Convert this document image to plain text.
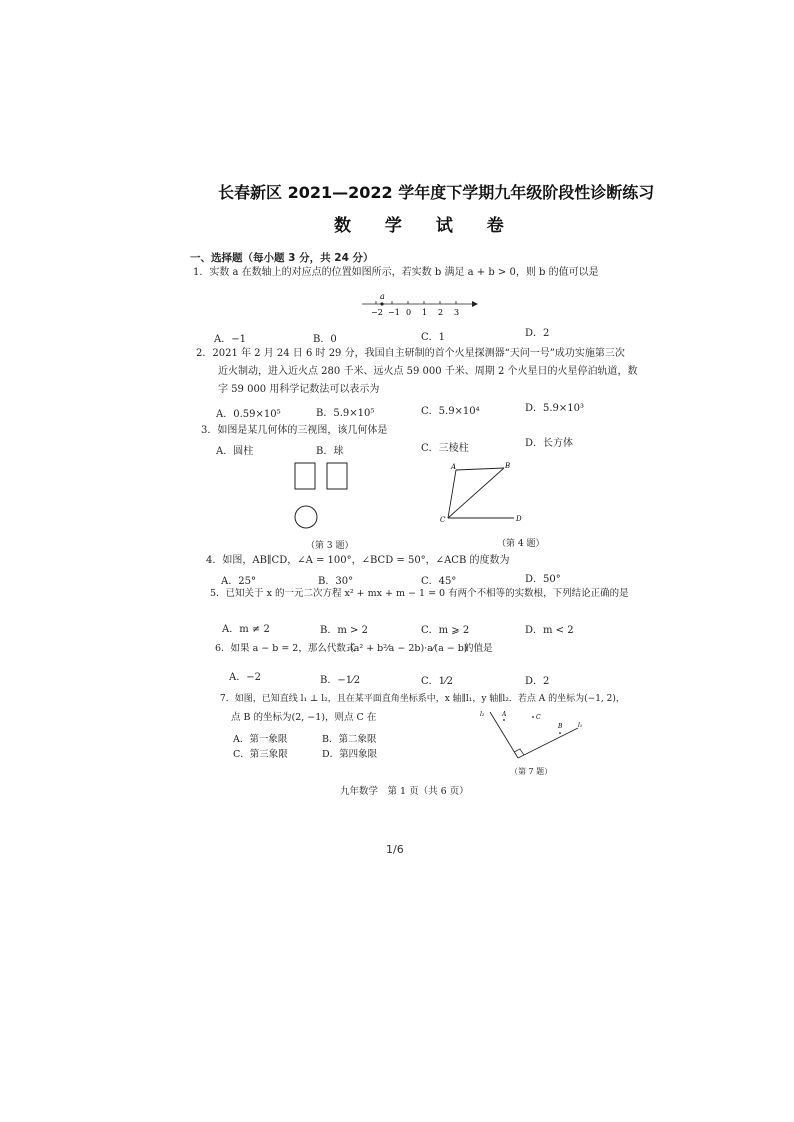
长春新区 2021—2022 学年度下学期九年级阶段性诊断练习
数 学 试 卷
一、选择题（每小题 3 分，共 24 分）
1．实数 a 在数轴上的对应点的位置如图所示，若实数 b 满足 a + b > 0，则 b 的值可以是
a
−2 −1 0 1 2 3
A．−1	B．0	C．1	D．2
2．2021 年 2 月 24 日 6 时 29 分，我国自主研制的首个火星探测器“天问一号”成功实施第三次
近火制动，进入近火点 280 千米、远火点 59 000 千米、周期 2 个火星日的火星停泊轨道，数
字 59 000 用科学记数法可以表示为
A．0.59×10⁵	B．5.9×10⁵	C．5.9×10⁴	D．5.9×10³
3．如图是某几何体的三视图，该几何体是
A．圆柱	B．球	C．三棱柱	D．长方体
（第 3 题）
A	B
C	D
（第 4 题）
4．如图，AB∥CD，∠A = 100°，∠BCD = 50°，∠ACB 的度数为
A．25°	B．30°	C．45°	D．50°
5．已知关于 x 的一元二次方程 x² + mx + m − 1 = 0 有两个不相等的实数根，下列结论正确的是
A．m ≠ 2	B．m > 2	C．m ⩾ 2	D．m < 2
6．如果 a − b = 2，那么代数式
(a² + b²⁄a − 2b)·a⁄(a − b)
的值是
A．−2	B．−1⁄2	C．1⁄2	D．2
7．如图，已知直线 l₁ ⊥ l₂，且在某平面直角坐标系中，x 轴∥l₁，y 轴∥l₂．若点 A 的坐标为(−1, 2)，
点 B 的坐标为(2, −1)，则点 C 在
A．第一象限	B．第二象限
C．第三象限	D．第四象限
l₂	A	C
B	l₁
（第 7 题）
九年数学　第 1 页（共 6 页）
1/6
